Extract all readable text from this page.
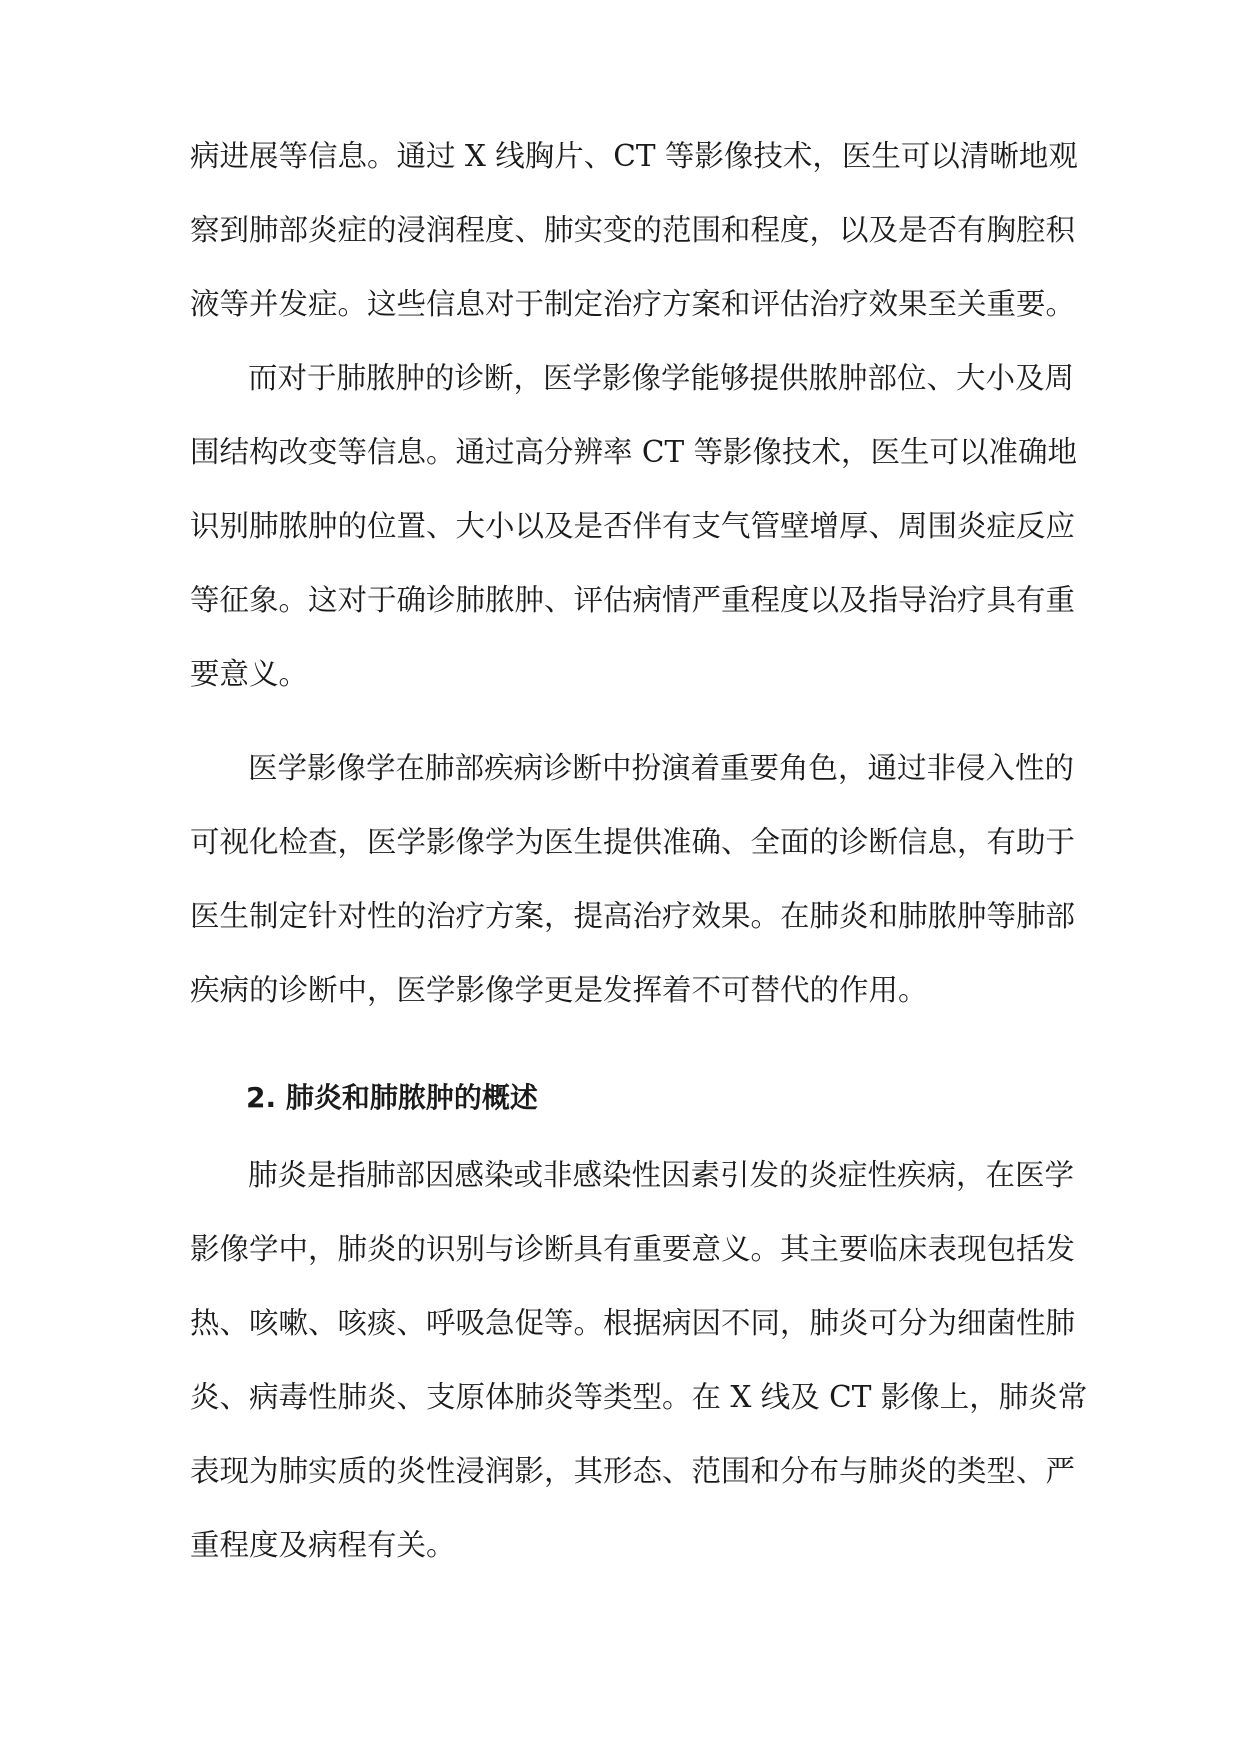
病进展等信息。通过 X 线胸片、CT 等影像技术，医生可以清晰地观
察到肺部炎症的浸润程度、肺实变的范围和程度，以及是否有胸腔积
液等并发症。这些信息对于制定治疗方案和评估治疗效果至关重要。
而对于肺脓肿的诊断，医学影像学能够提供脓肿部位、大小及周
围结构改变等信息。通过高分辨率 CT 等影像技术，医生可以准确地
识别肺脓肿的位置、大小以及是否伴有支气管壁增厚、周围炎症反应
等征象。这对于确诊肺脓肿、评估病情严重程度以及指导治疗具有重
要意义。
医学影像学在肺部疾病诊断中扮演着重要角色，通过非侵入性的
可视化检查，医学影像学为医生提供准确、全面的诊断信息，有助于
医生制定针对性的治疗方案，提高治疗效果。在肺炎和肺脓肿等肺部
疾病的诊断中，医学影像学更是发挥着不可替代的作用。
2. 肺炎和肺脓肿的概述
肺炎是指肺部因感染或非感染性因素引发的炎症性疾病，在医学
影像学中，肺炎的识别与诊断具有重要意义。其主要临床表现包括发
热、咳嗽、咳痰、呼吸急促等。根据病因不同，肺炎可分为细菌性肺
炎、病毒性肺炎、支原体肺炎等类型。在 X 线及 CT 影像上，肺炎常
表现为肺实质的炎性浸润影，其形态、范围和分布与肺炎的类型、严
重程度及病程有关。
